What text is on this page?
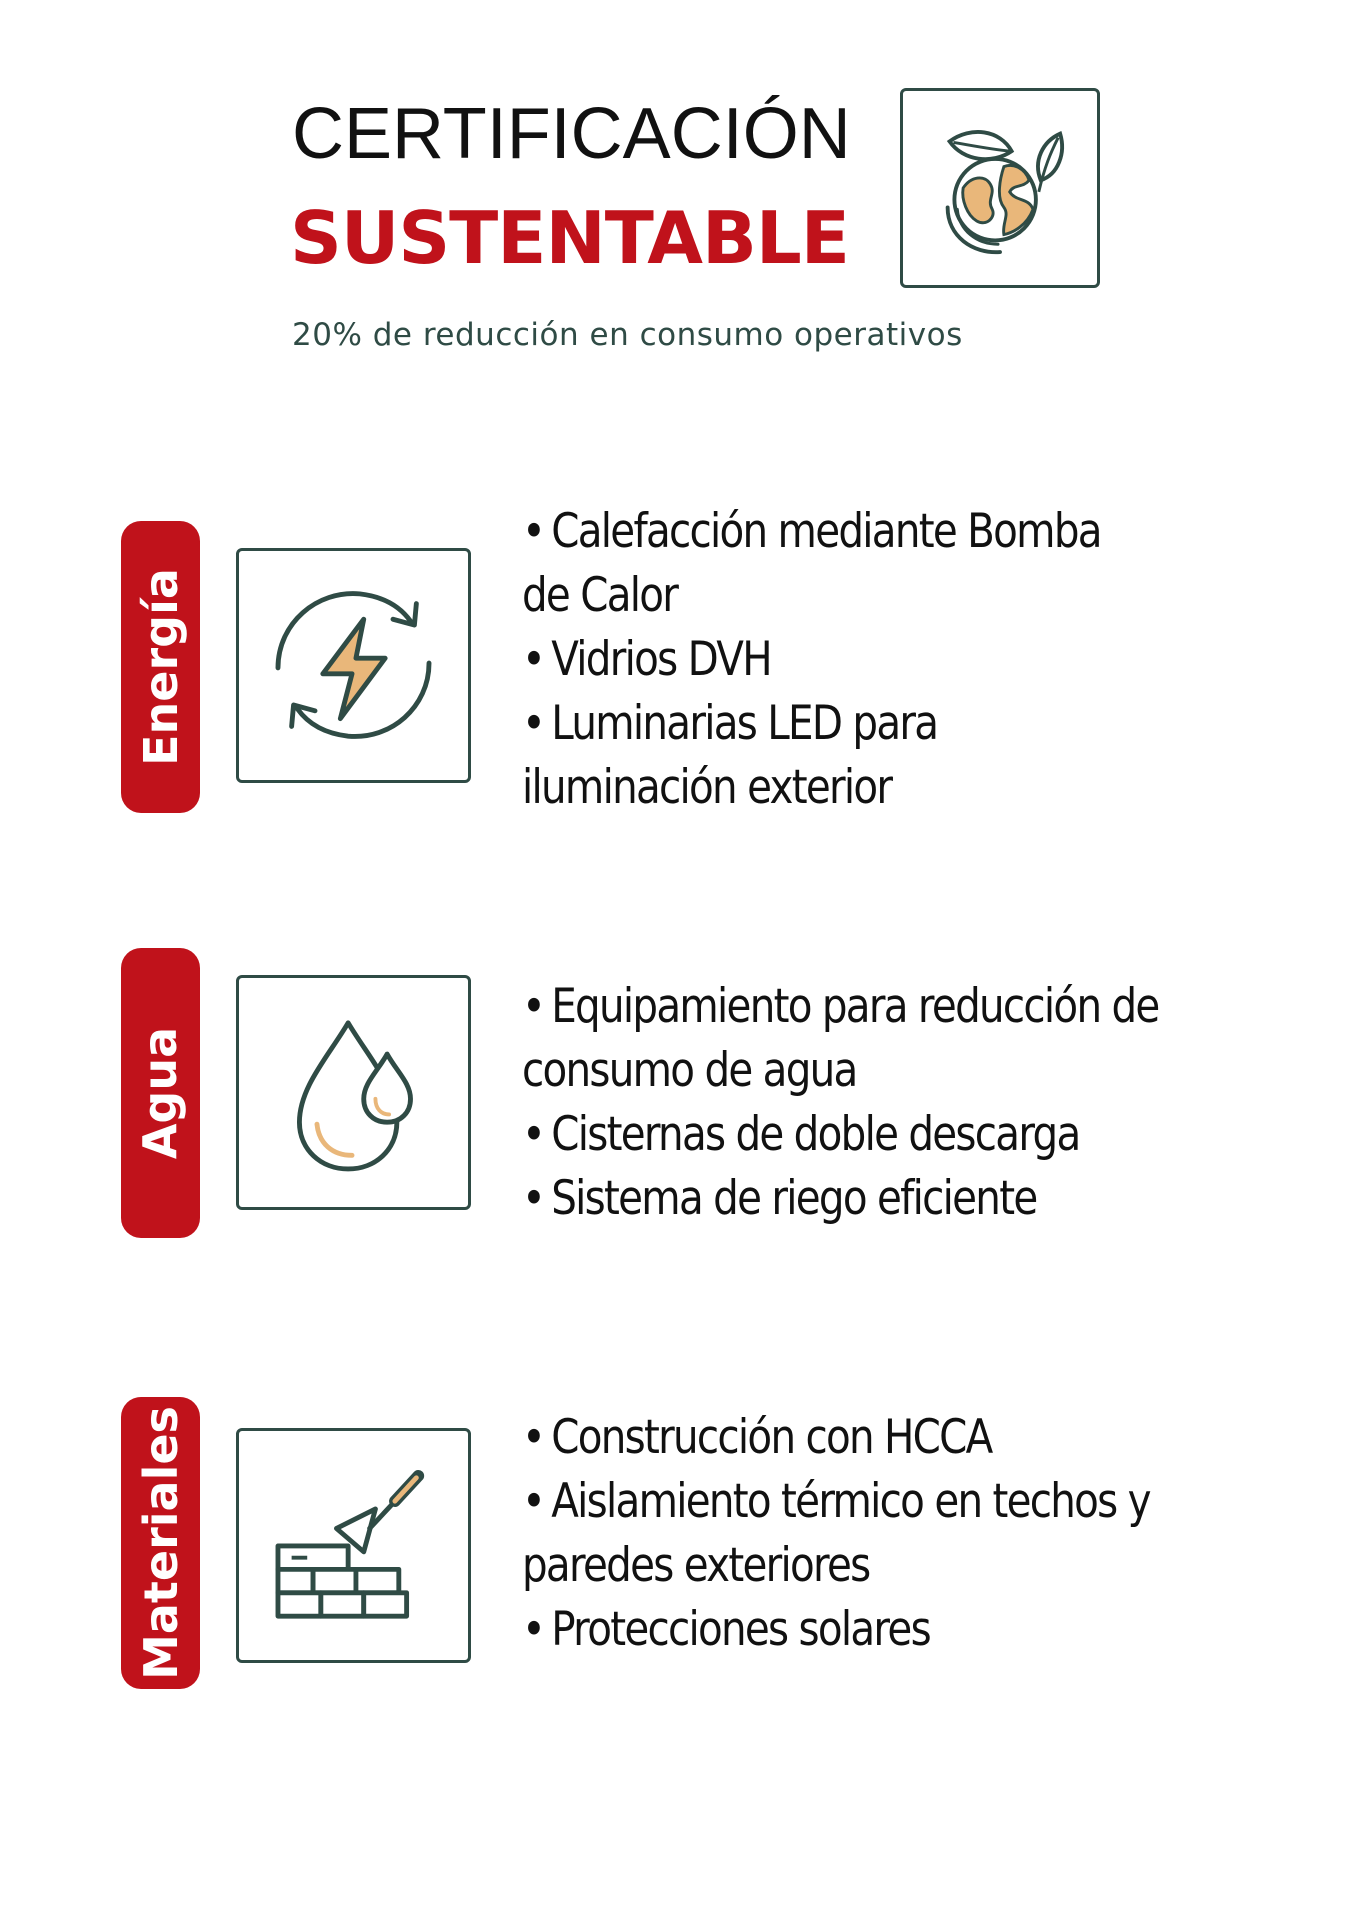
CERTIFICACIÓN
SUSTENTABLE
20% de reducción en consumo operativos
Energía
• Calefacción mediante Bomba
de Calor
• Vidrios DVH
• Luminarias LED para
iluminación exterior
Agua
• Equipamiento para reducción de
consumo de agua
• Cisternas de doble descarga
• Sistema de riego eficiente
Materiales	• Construcción con HCCA
• Aislamiento térmico en techos y
paredes exteriores
• Protecciones solares
